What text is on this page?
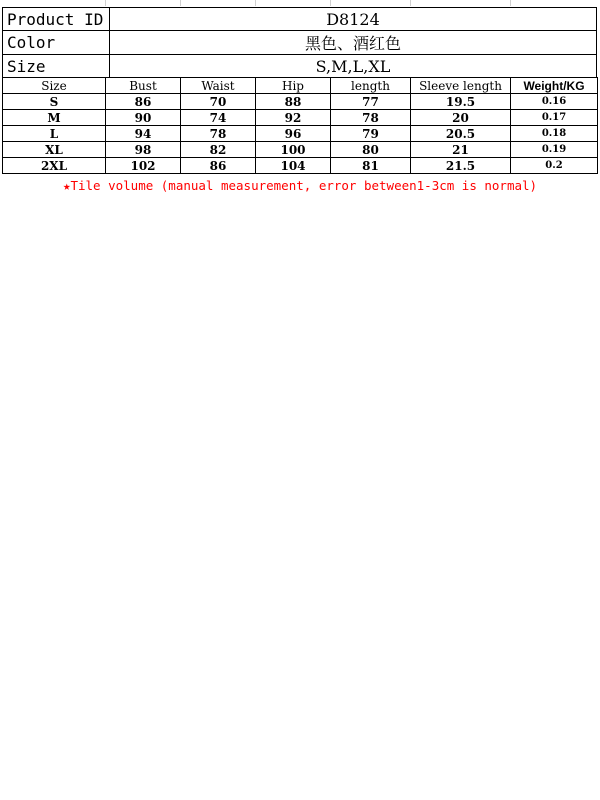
Product ID	D8124
Color	黑色、酒红色
Size	S,M,L,XL
Size	Bust	Waist	Hip	length	Sleeve length	Weight/KG
S	86	70	88	77	19.5	0.16
M	90	74	92	78	20	0.17
L	94	78	96	79	20.5	0.18
XL	98	82	100	80	21	0.19
2XL	102	86	104	81	21.5	0.2
★Tile volume (manual measurement, error between1-3cm is normal)
